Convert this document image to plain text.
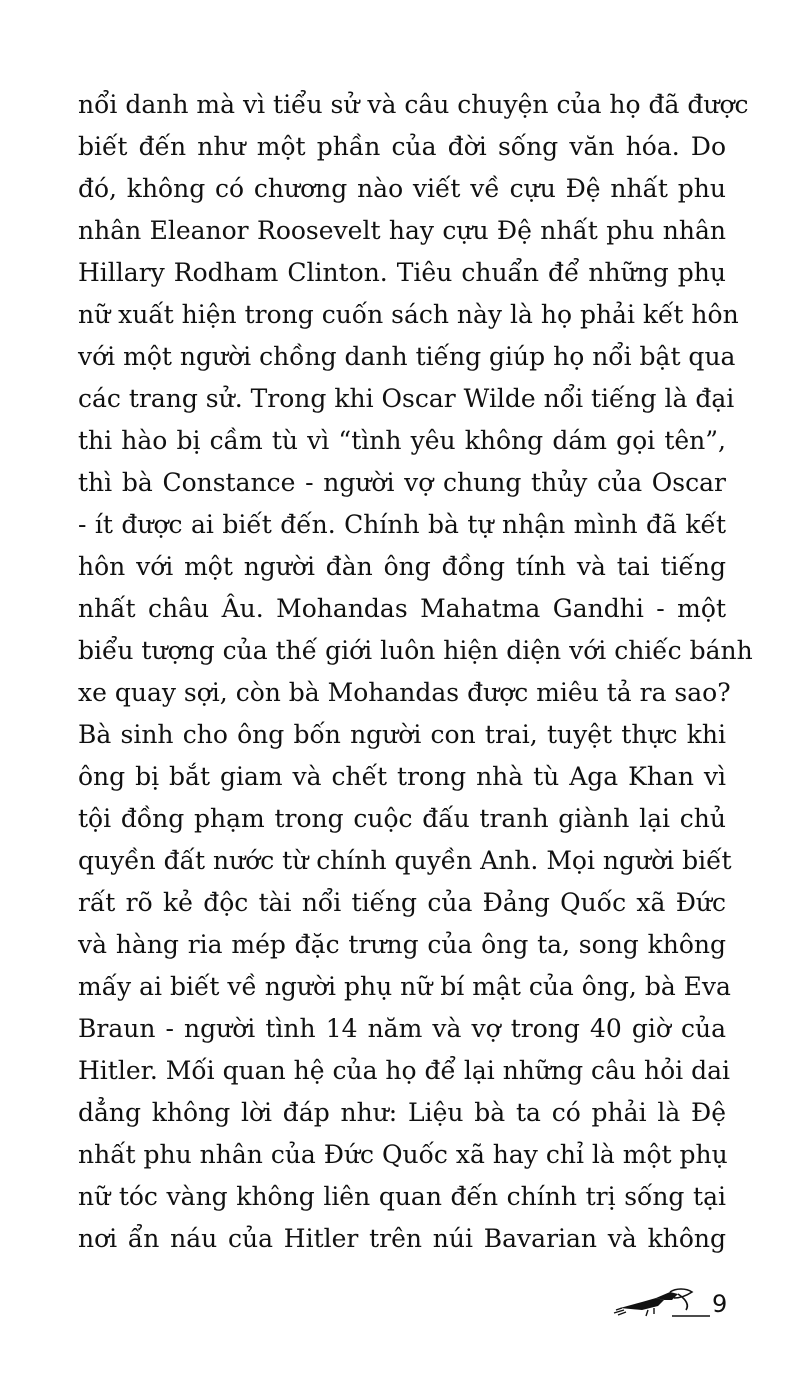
nổi danh mà vì tiểu sử và câu chuyện của họ đã được
biết đến như một phần của đời sống văn hóa. Do
đó, không có chương nào viết về cựu Đệ nhất phu
nhân Eleanor Roosevelt hay cựu Đệ nhất phu nhân
Hillary Rodham Clinton. Tiêu chuẩn để những phụ
nữ xuất hiện trong cuốn sách này là họ phải kết hôn
với một người chồng danh tiếng giúp họ nổi bật qua
các trang sử. Trong khi Oscar Wilde nổi tiếng là đại
thi hào bị cầm tù vì “tình yêu không dám gọi tên”,
thì bà Constance - người vợ chung thủy của Oscar
- ít được ai biết đến. Chính bà tự nhận mình đã kết
hôn với một người đàn ông đồng tính và tai tiếng
nhất châu Âu. Mohandas Mahatma Gandhi - một
biểu tượng của thế giới luôn hiện diện với chiếc bánh
xe quay sợi, còn bà Mohandas được miêu tả ra sao?
Bà sinh cho ông bốn người con trai, tuyệt thực khi
ông bị bắt giam và chết trong nhà tù Aga Khan vì
tội đồng phạm trong cuộc đấu tranh giành lại chủ
quyền đất nước từ chính quyền Anh. Mọi người biết
rất rõ kẻ độc tài nổi tiếng của Đảng Quốc xã Đức
và hàng ria mép đặc trưng của ông ta, song không
mấy ai biết về người phụ nữ bí mật của ông, bà Eva
Braun - người tình 14 năm và vợ trong 40 giờ của
Hitler. Mối quan hệ của họ để lại những câu hỏi dai
dẳng không lời đáp như: Liệu bà ta có phải là Đệ
nhất phu nhân của Đức Quốc xã hay chỉ là một phụ
nữ tóc vàng không liên quan đến chính trị sống tại
nơi ẩn náu của Hitler trên núi Bavarian và không
9
